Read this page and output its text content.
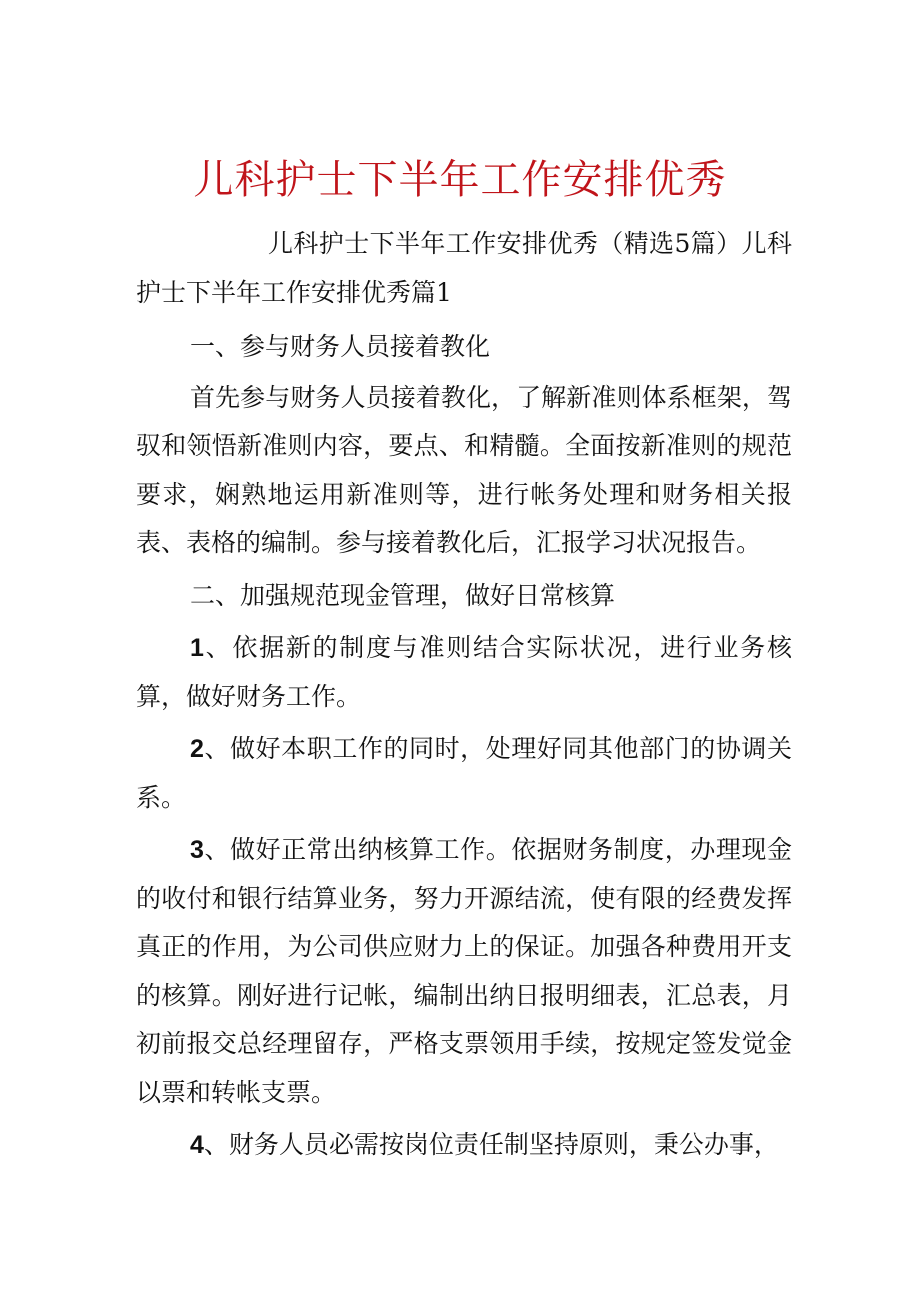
儿科护士下半年工作安排优秀

儿科护士下半年工作安排优秀（精选5篇）儿科护士下半年工作安排优秀篇1

一、参与财务人员接着教化

首先参与财务人员接着教化，了解新准则体系框架，驾驭和领悟新准则内容，要点、和精髓。全面按新准则的规范要求，娴熟地运用新准则等，进行帐务处理和财务相关报表、表格的编制。参与接着教化后，汇报学习状况报告。

二、加强规范现金管理，做好日常核算

1、依据新的制度与准则结合实际状况，进行业务核算，做好财务工作。

2、做好本职工作的同时，处理好同其他部门的协调关系。

3、做好正常出纳核算工作。依据财务制度，办理现金的收付和银行结算业务，努力开源结流，使有限的经费发挥真正的作用，为公司供应财力上的保证。加强各种费用开支的核算。刚好进行记帐，编制出纳日报明细表，汇总表，月初前报交总经理留存，严格支票领用手续，按规定签发觉金以票和转帐支票。

4、财务人员必需按岗位责任制坚持原则，秉公办事，
